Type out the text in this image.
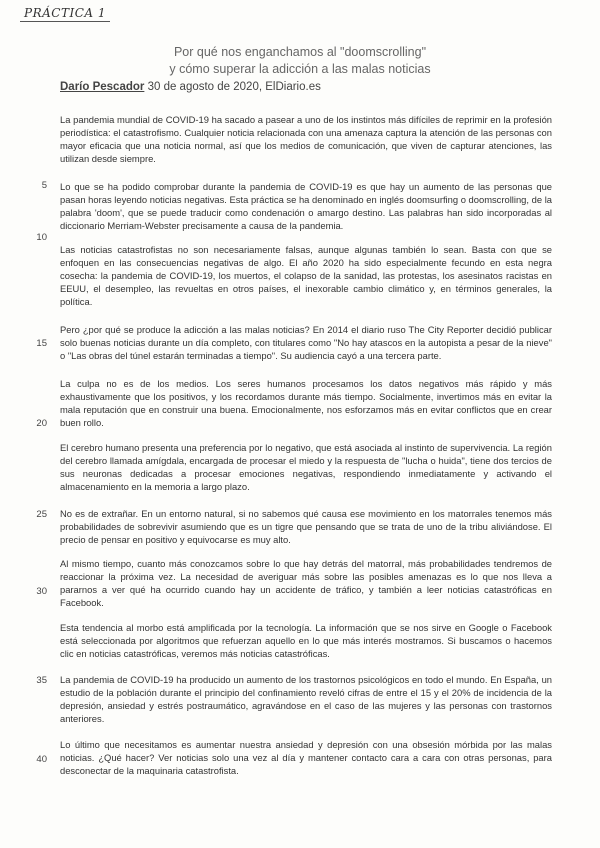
PRÁCTICA 1
Por qué nos enganchamos al "doomscrolling"
y cómo superar la adicción a las malas noticias
Darío Pescador 30 de agosto de 2020, ElDiario.es
5
10
15
20
25
30
35
40
La pandemia mundial de COVID-19 ha sacado a pasear a uno de los instintos más difíciles de reprimir en la profesión periodística: el catastrofismo. Cualquier noticia relacionada con una amenaza captura la atención de las personas con mayor eficacia que una noticia normal, así que los medios de comunicación, que viven de capturar atenciones, las utilizan desde siempre.
Lo que se ha podido comprobar durante la pandemia de COVID-19 es que hay un aumento de las personas que pasan horas leyendo noticias negativas. Esta práctica se ha denominado en inglés doomsurfing o doomscrolling, de la palabra 'doom', que se puede traducir como condenación o amargo destino. Las palabras han sido incorporadas al diccionario Merriam-Webster precisamente a causa de la pandemia.
Las noticias catastrofistas no son necesariamente falsas, aunque algunas también lo sean. Basta con que se enfoquen en las consecuencias negativas de algo. El año 2020 ha sido especialmente fecundo en esta negra cosecha: la pandemia de COVID-19, los muertos, el colapso de la sanidad, las protestas, los asesinatos racistas en EEUU, el desempleo, las revueltas en otros países, el inexorable cambio climático y, en términos generales, la política.
Pero ¿por qué se produce la adicción a las malas noticias? En 2014 el diario ruso The City Reporter decidió publicar solo buenas noticias durante un día completo, con titulares como "No hay atascos en la autopista a pesar de la nieve" o "Las obras del túnel estarán terminadas a tiempo". Su audiencia cayó a una tercera parte.
La culpa no es de los medios. Los seres humanos procesamos los datos negativos más rápido y más exhaustivamente que los positivos, y los recordamos durante más tiempo. Socialmente, invertimos más en evitar la mala reputación que en construir una buena. Emocionalmente, nos esforzamos más en evitar conflictos que en crear buen rollo.
El cerebro humano presenta una preferencia por lo negativo, que está asociada al instinto de supervivencia. La región del cerebro llamada amígdala, encargada de procesar el miedo y la respuesta de "lucha o huida", tiene dos tercios de sus neuronas dedicadas a procesar emociones negativas, respondiendo inmediatamente y activando el almacenamiento en la memoria a largo plazo.
No es de extrañar. En un entorno natural, si no sabemos qué causa ese movimiento en los matorrales tenemos más probabilidades de sobrevivir asumiendo que es un tigre que pensando que se trata de uno de la tribu aliviándose. El precio de pensar en positivo y equivocarse es muy alto.
Al mismo tiempo, cuanto más conozcamos sobre lo que hay detrás del matorral, más probabilidades tendremos de reaccionar la próxima vez. La necesidad de averiguar más sobre las posibles amenazas es lo que nos lleva a pararnos a ver qué ha ocurrido cuando hay un accidente de tráfico, y también a leer noticias catastróficas en Facebook.
Esta tendencia al morbo está amplificada por la tecnología. La información que se nos sirve en Google o Facebook está seleccionada por algoritmos que refuerzan aquello en lo que más interés mostramos. Si buscamos o hacemos clic en noticias catastróficas, veremos más noticias catastróficas.
La pandemia de COVID-19 ha producido un aumento de los trastornos psicológicos en todo el mundo. En España, un estudio de la población durante el principio del confinamiento reveló cifras de entre el 15 y el 20% de incidencia de la depresión, ansiedad y estrés postraumático, agravándose en el caso de las mujeres y las personas con trastornos anteriores.
Lo último que necesitamos es aumentar nuestra ansiedad y depresión con una obsesión mórbida por las malas noticias. ¿Qué hacer? Ver noticias solo una vez al día y mantener contacto cara a cara con otras personas, para desconectar de la maquinaria catastrofista.
